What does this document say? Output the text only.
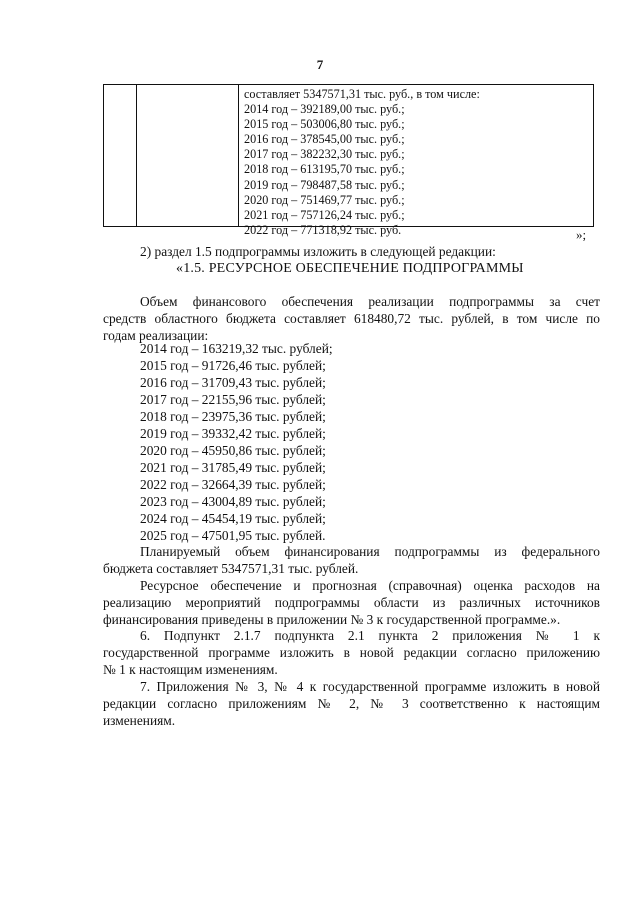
7
составляет 5347571,31 тыс. руб., в том числе:
2014 год – 392189,00 тыс. руб.;
2015 год – 503006,80 тыс. руб.;
2016 год – 378545,00 тыс. руб.;
2017 год – 382232,30 тыс. руб.;
2018 год – 613195,70 тыс. руб.;
2019 год – 798487,58 тыс. руб.;
2020 год – 751469,77 тыс. руб.;
2021 год – 757126,24 тыс. руб.;
2022 год – 771318,92 тыс. руб.	»;
2) раздел 1.5 подпрограммы изложить в следующей редакции:
«1.5. РЕСУРСНОЕ ОБЕСПЕЧЕНИЕ ПОДПРОГРАММЫ
Объем финансового обеспечения реализации подпрограммы за счет
средств областного бюджета составляет 618480,72 тыс. рублей, в том числе по
годам реализации:
2014 год – 163219,32 тыс. рублей;
2015 год – 91726,46 тыс. рублей;
2016 год – 31709,43 тыс. рублей;
2017 год – 22155,96 тыс. рублей;
2018 год – 23975,36 тыс. рублей;
2019 год – 39332,42 тыс. рублей;
2020 год – 45950,86 тыс. рублей;
2021 год – 31785,49 тыс. рублей;
2022 год – 32664,39 тыс. рублей;
2023 год – 43004,89 тыс. рублей;
2024 год – 45454,19 тыс. рублей;
2025 год – 47501,95 тыс. рублей.
Планируемый объем финансирования подпрограммы из федерального
бюджета составляет 5347571,31 тыс. рублей.
Ресурсное обеспечение и прогнозная (справочная) оценка расходов на
реализацию мероприятий подпрограммы области из различных источников
финансирования приведены в приложении № 3 к государственной программе.».
6. Подпункт 2.1.7 подпункта 2.1 пункта 2 приложения № 1 к
государственной программе изложить в новой редакции согласно приложению
№ 1 к настоящим изменениям.
7. Приложения № 3, № 4 к государственной программе изложить в новой
редакции согласно приложениям № 2, № 3 соответственно к настоящим
изменениям.
